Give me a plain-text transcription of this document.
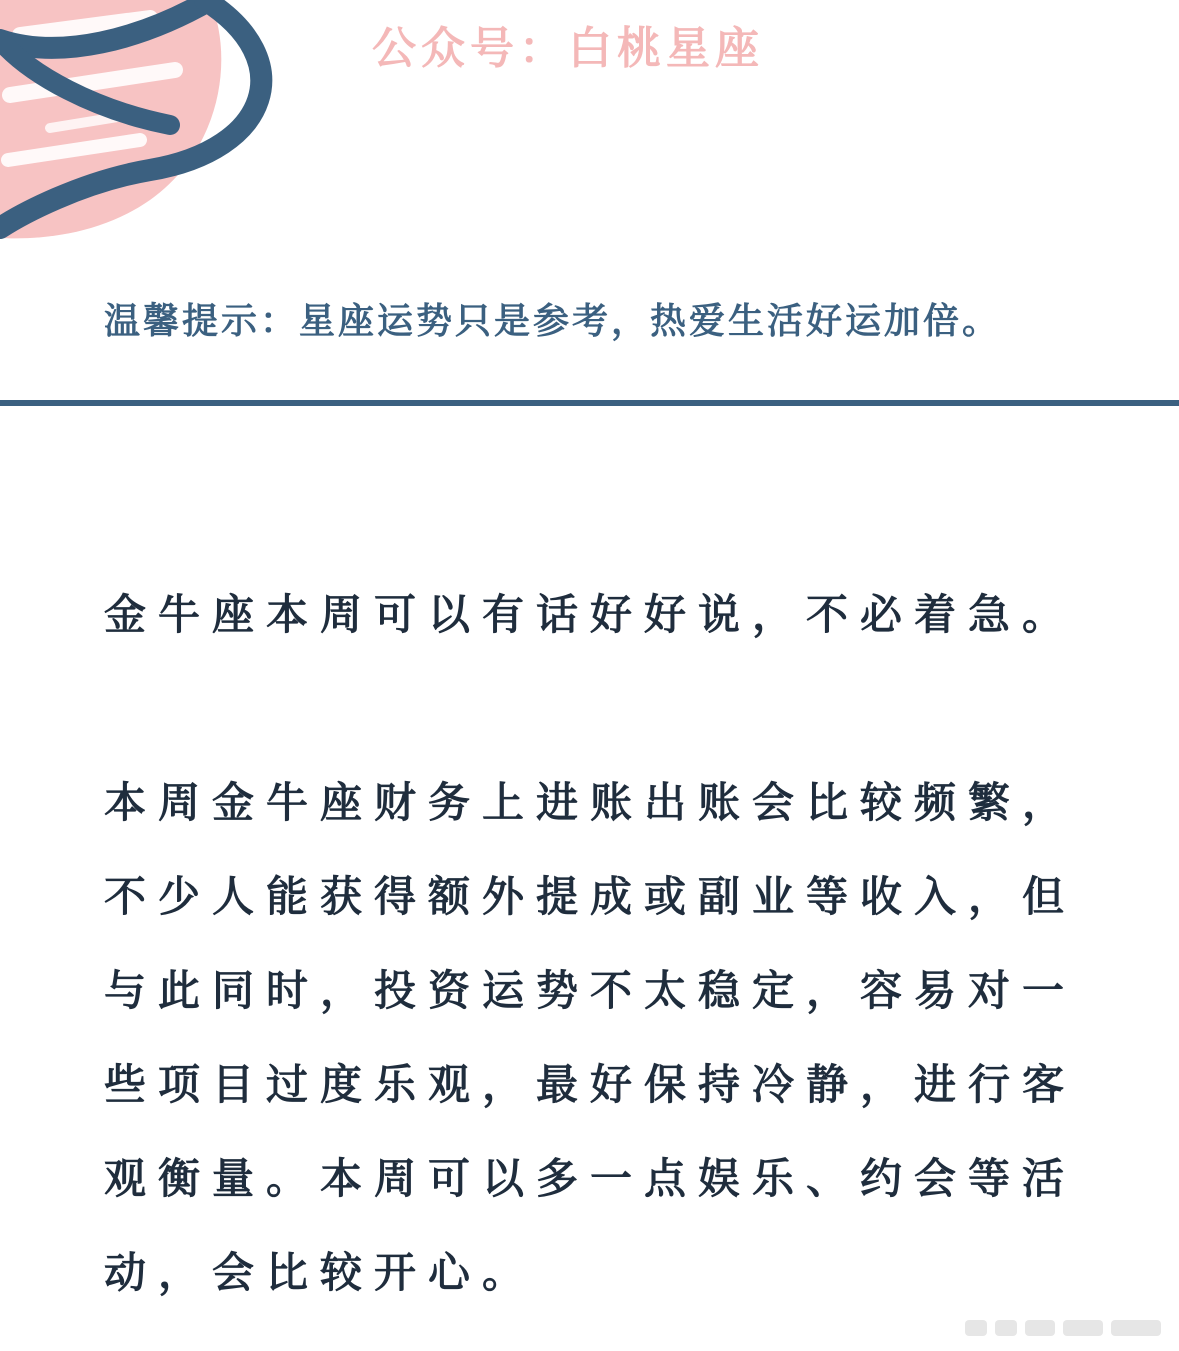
公众号：白桃星座
温馨提示：星座运势只是参考，热爱生活好运加倍。

金牛座本周可以有话好好说，不必着急。

本周金牛座财务上进账出账会比较频繁，
不少人能获得额外提成或副业等收入，但
与此同时，投资运势不太稳定，容易对一
些项目过度乐观，最好保持冷静，进行客
观衡量。本周可以多一点娱乐、约会等活
动，会比较开心。
